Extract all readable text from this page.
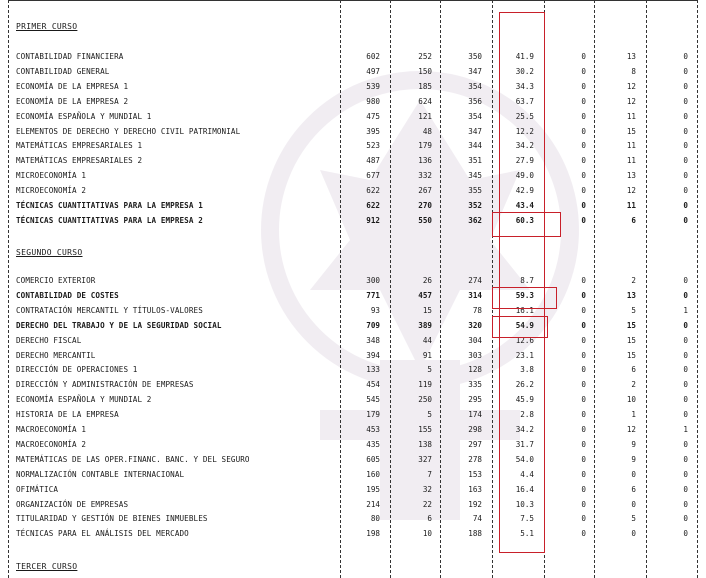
PRIMER CURSO
CONTABILIDAD FINANCIERA	602	252	350	41.9	0	13	0
CONTABILIDAD GENERAL	497	150	347	30.2	0	8	0
ECONOMÍA DE LA EMPRESA 1	539	185	354	34.3	0	12	0
ECONOMÍA DE LA EMPRESA 2	980	624	356	63.7	0	12	0
ECONOMÍA ESPAÑOLA Y MUNDIAL 1	475	121	354	25.5	0	11	0
ELEMENTOS DE DERECHO Y DERECHO CIVIL PATRIMONIAL	395	48	347	12.2	0	15	0
MATEMÁTICAS EMPRESARIALES 1	523	179	344	34.2	0	11	0
MATEMÁTICAS EMPRESARIALES 2	487	136	351	27.9	0	11	0
MICROECONOMÍA 1	677	332	345	49.0	0	13	0
MICROECONOMÍA 2	622	267	355	42.9	0	12	0
TÉCNICAS CUANTITATIVAS PARA LA EMPRESA 1	622	270	352	43.4	0	11	0
TÉCNICAS CUANTITATIVAS PARA LA EMPRESA 2	912	550	362	60.3	0	6	0
SEGUNDO CURSO
COMERCIO EXTERIOR	300	26	274	8.7	0	2	0
CONTABILIDAD DE COSTES	771	457	314	59.3	0	13	0
CONTRATACIÓN MERCANTIL Y TÍTULOS-VALORES	93	15	78	16.1	0	5	1
DERECHO DEL TRABAJO Y DE LA SEGURIDAD SOCIAL	709	389	320	54.9	0	15	0
DERECHO FISCAL	348	44	304	12.6	0	15	0
DERECHO MERCANTIL	394	91	303	23.1	0	15	0
DIRECCIÓN DE OPERACIONES 1	133	5	128	3.8	0	6	0
DIRECCIÓN Y ADMINISTRACIÓN DE EMPRESAS	454	119	335	26.2	0	2	0
ECONOMÍA ESPAÑOLA Y MUNDIAL 2	545	250	295	45.9	0	10	0
HISTORIA DE LA EMPRESA	179	5	174	2.8	0	1	0
MACROECONOMÍA 1	453	155	298	34.2	0	12	1
MACROECONOMÍA 2	435	138	297	31.7	0	9	0
MATEMÁTICAS DE LAS OPER.FINANC. BANC. Y DEL SEGURO	605	327	278	54.0	0	9	0
NORMALIZACIÓN CONTABLE INTERNACIONAL	160	7	153	4.4	0	0	0
OFIMÁTICA	195	32	163	16.4	0	6	0
ORGANIZACIÓN DE EMPRESAS	214	22	192	10.3	0	0	0
TITULARIDAD Y GESTIÓN DE BIENES INMUEBLES	80	6	74	7.5	0	5	0
TÉCNICAS PARA EL ANÁLISIS DEL MERCADO	198	10	188	5.1	0	0	0
TERCER CURSO
